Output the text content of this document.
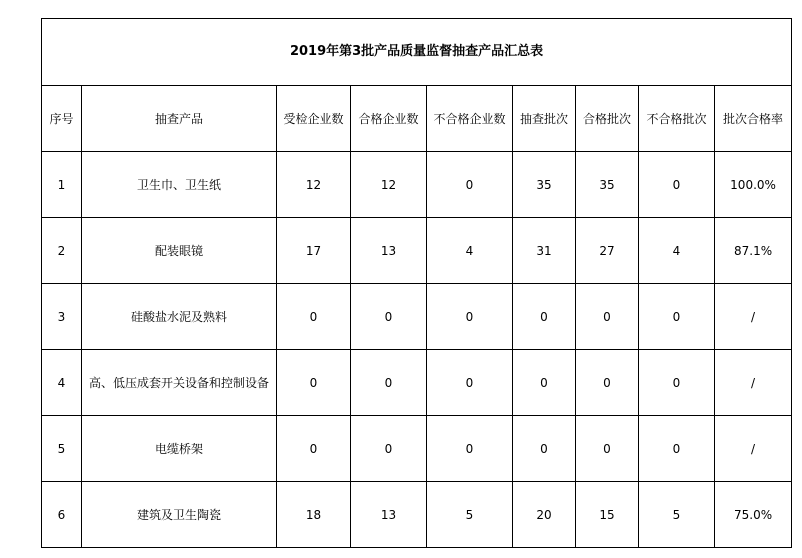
2019年第3批产品质量监督抽查产品汇总表								
序号	抽查产品	受检企业数	合格企业数	不合格企业数	抽查批次	合格批次	不合格批次	批次合格率
1	卫生巾、卫生纸	12	12	0	35	35	0	100.0%
2	配装眼镜	17	13	4	31	27	4	87.1%
3	硅酸盐水泥及熟料	0	0	0	0	0	0	/
4	高、低压成套开关设备和控制设备	0	0	0	0	0	0	/
5	电缆桥架	0	0	0	0	0	0	/
6	建筑及卫生陶瓷	18	13	5	20	15	5	75.0%
